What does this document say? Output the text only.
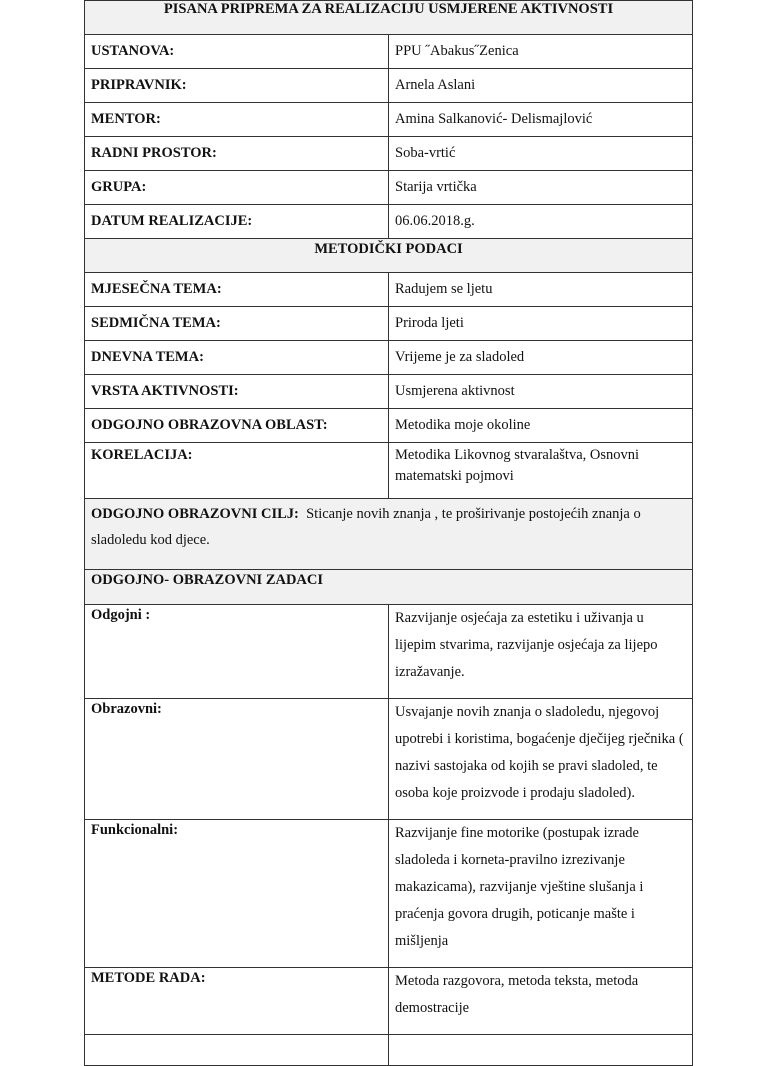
PISANA PRIPREMA ZA REALIZACIJU USMJERENE AKTIVNOSTI	
USTANOVA:	PPU ˝Abakus˝Zenica
PRIPRAVNIK:	Arnela Aslani
MENTOR:	Amina Salkanović- Delismajlović
RADNI PROSTOR:	Soba-vrtić
GRUPA:	Starija vrtička
DATUM REALIZACIJE:	06.06.2018.g.
METODIČKI PODACI	
MJESEČNA TEMA:	Radujem se ljetu
SEDMIČNA TEMA:	Priroda ljeti
DNEVNA TEMA:	Vrijeme je za sladoled
VRSTA AKTIVNOSTI:	Usmjerena aktivnost
ODGOJNO OBRAZOVNA OBLAST:	Metodika moje okoline
KORELACIJA:	Metodika Likovnog stvaralaštva, Osnovni matematski pojmovi
ODGOJNO OBRAZOVNI CILJ: Sticanje novih znanja , te proširivanje postojećih znanja o sladoledu kod djece.	
ODGOJNO- OBRAZOVNI ZADACI	
Odgojni :	Razvijanje osjećaja za estetiku i uživanja u lijepim stvarima, razvijanje osjećaja za lijepo izražavanje.
Obrazovni:	Usvajanje novih znanja o sladoledu, njegovoj upotrebi i koristima, bogaćenje dječijeg rječnika ( nazivi sastojaka od kojih se pravi sladoled, te osoba koje proizvode i prodaju sladoled).
Funkcionalni:	Razvijanje fine motorike (postupak izrade sladoleda i korneta-pravilno izrezivanje makazicama), razvijanje vještine slušanja i praćenja govora drugih, poticanje mašte i mišljenja
METODE RADA:	Metoda razgovora, metoda teksta, metoda demostracije
